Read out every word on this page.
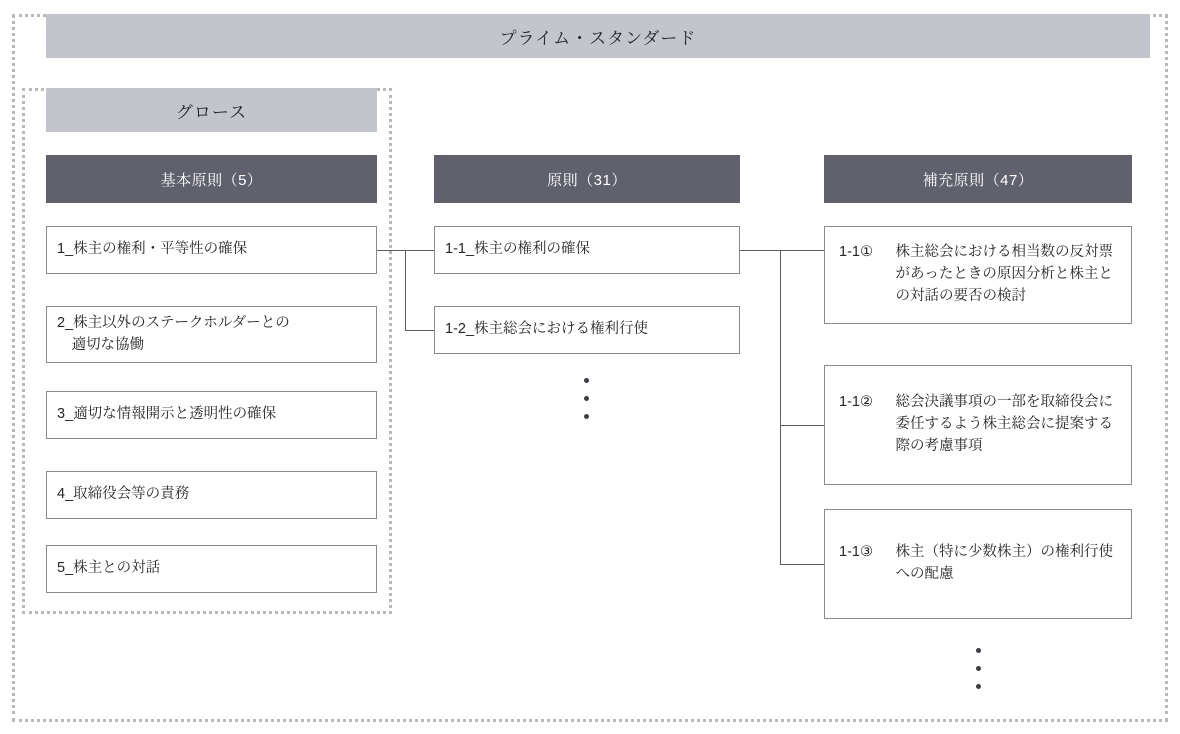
プライム・スタンダード
グロース
基本原則（5）	原則（31）	補充原則（47）
1_株主の権利・平等性の確保
2_株主以外のステークホルダーとの
適切な協働
3_適切な情報開示と透明性の確保
4_取締役会等の責務
5_株主との対話
1-1_株主の権利の確保
1-2_株主総会における権利行使
1-1① 株主総会における相当数の反対票があったときの原因分析と株主との対話の要否の検討
1-1② 総会決議事項の一部を取締役会に委任するよう株主総会に提案する際の考慮事項
1-1③ 株主（特に少数株主）の権利行使への配慮
